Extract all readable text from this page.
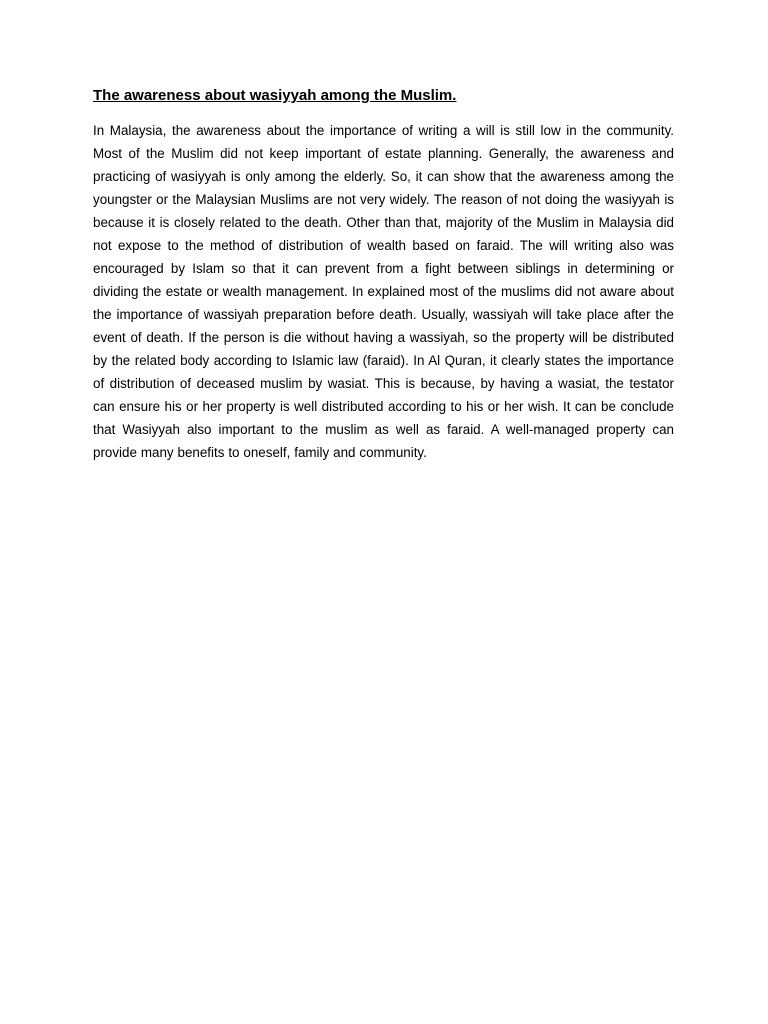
The awareness about wasiyyah among the Muslim.

In Malaysia, the awareness about the importance of writing a will is still low in the community. Most of the Muslim did not keep important of estate planning. Generally, the awareness and practicing of wasiyyah is only among the elderly. So, it can show that the awareness among the youngster or the Malaysian Muslims are not very widely. The reason of not doing the wasiyyah is because it is closely related to the death. Other than that, majority of the Muslim in Malaysia did not expose to the method of distribution of wealth based on faraid. The will writing also was encouraged by Islam so that it can prevent from a fight between siblings in determining or dividing the estate or wealth management. In explained most of the muslims did not aware about the importance of wassiyah preparation before death. Usually, wassiyah will take place after the event of death. If the person is die without having a wassiyah, so the property will be distributed by the related body according to Islamic law (faraid). In Al Quran, it clearly states the importance of distribution of deceased muslim by wasiat. This is because, by having a wasiat, the testator can ensure his or her property is well distributed according to his or her wish. It can be conclude that Wasiyyah also important to the muslim as well as faraid. A well-managed property can provide many benefits to oneself, family and community.
